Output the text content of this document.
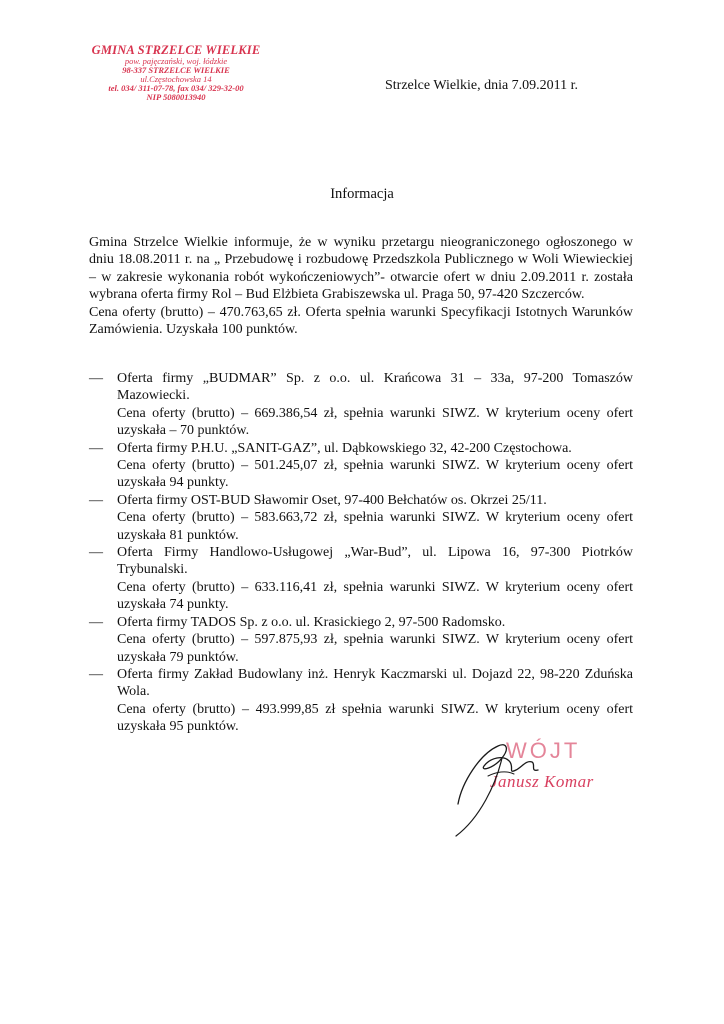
GMINA STRZELCE WIELKIE
pow. pajęczański, woj. łódzkie
98-337 STRZELCE WIELKIE
ul.Częstochowska 14
tel. 034/ 311-07-78, fax 034/ 329-32-00
NIP 5080013940
Strzelce Wielkie, dnia 7.09.2011 r.
Informacja

Gmina Strzelce Wielkie informuje, że w wyniku przetargu nieograniczonego ogłoszonego w dniu 18.08.2011 r. na „ Przebudowę i rozbudowę Przedszkola Publicznego w Woli Wiewieckiej – w zakresie wykonania robót wykończeniowych”- otwarcie ofert w dniu 2.09.2011 r. została wybrana oferta firmy Rol – Bud Elżbieta Grabiszewska ul. Praga 50, 97-420 Szczerców.

Cena oferty (brutto) – 470.763,65 zł. Oferta spełnia warunki Specyfikacji Istotnych Warunków Zamówienia. Uzyskała 100 punktów.

—	Oferta firmy „BUDMAR” Sp. z o.o. ul. Krańcowa 31 – 33a, 97-200 Tomaszów Mazowiecki.
Cena oferty (brutto) – 669.386,54 zł, spełnia warunki SIWZ. W kryterium oceny ofert uzyskała – 70 punktów.
—	Oferta firmy P.H.U. „SANIT-GAZ”, ul. Dąbkowskiego 32, 42-200 Częstochowa.
Cena oferty (brutto) – 501.245,07 zł, spełnia warunki SIWZ. W kryterium oceny ofert uzyskała 94 punkty.
—	Oferta firmy OST-BUD Sławomir Oset, 97-400 Bełchatów os. Okrzei 25/11.
Cena oferty (brutto) – 583.663,72 zł, spełnia warunki SIWZ. W kryterium oceny ofert uzyskała 81 punktów.
—	Oferta Firmy Handlowo-Usługowej „War-Bud”, ul. Lipowa 16, 97-300 Piotrków Trybunalski.
Cena oferty (brutto) – 633.116,41 zł, spełnia warunki SIWZ. W kryterium oceny ofert uzyskała 74 punkty.
—	Oferta firmy TADOS Sp. z o.o. ul. Krasickiego 2, 97-500 Radomsko.
Cena oferty (brutto) – 597.875,93 zł, spełnia warunki SIWZ. W kryterium oceny ofert uzyskała 79 punktów.
—	Oferta firmy Zakład Budowlany inż. Henryk Kaczmarski ul. Dojazd 22, 98-220 Zduńska Wola.
Cena oferty (brutto) – 493.999,85 zł spełnia warunki SIWZ. W kryterium oceny ofert uzyskała 95 punktów.
WÓJT
Janusz Komar
